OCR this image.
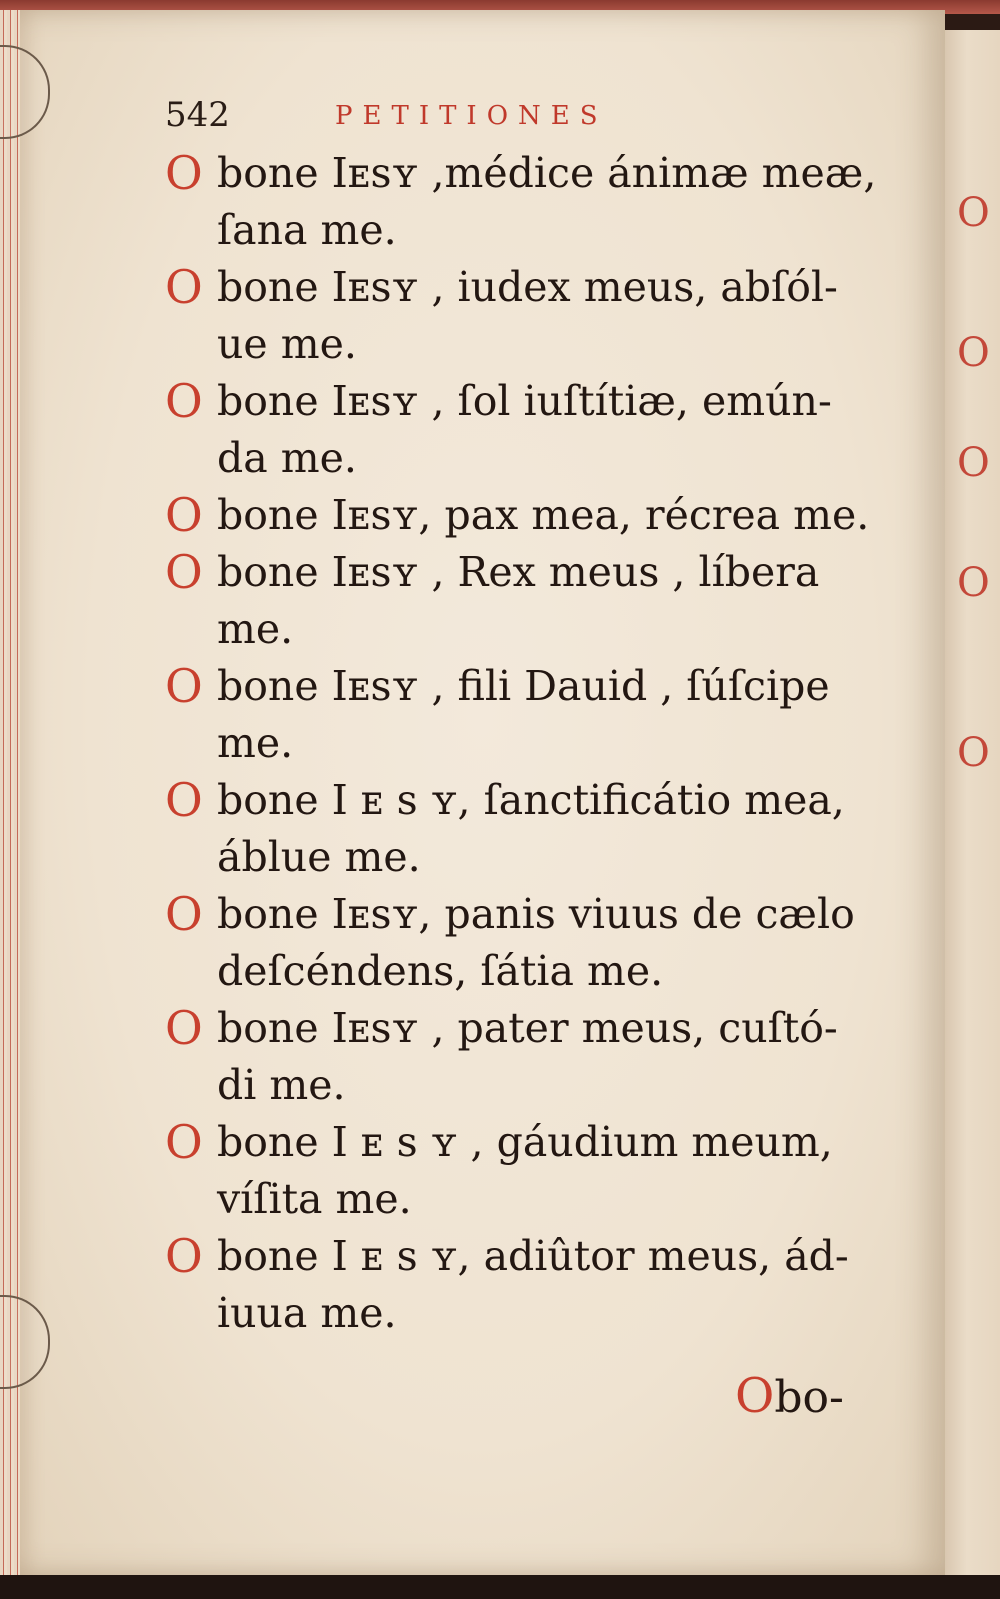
O
O
O
O
O
542	PETITIONES
O bone Iᴇsʏ ,médice ánimæ meæ,
ſana me.
O bone Iᴇsʏ , iudex meus, abſól-
ue me.
O bone Iᴇsʏ , ſol iuſtítiæ, emún-
da me.
O bone Iᴇsʏ, pax mea, récrea me.
O bone Iᴇsʏ , Rex meus , líbera
me.
O bone Iᴇsʏ , fili Dauid , ſúſcipe
me.
O bone I ᴇ s ʏ, ſanctificátio mea,
áblue me.
O bone Iᴇsʏ, panis viuus de cælo
deſcéndens, ſátia me.
O bone Iᴇsʏ , pater meus, cuſtó-
di me.
O bone I ᴇ s ʏ , gáudium meum,
víſita me.
O bone I ᴇ s ʏ, adiûtor meus, ád-
iuua me.
Obo-
